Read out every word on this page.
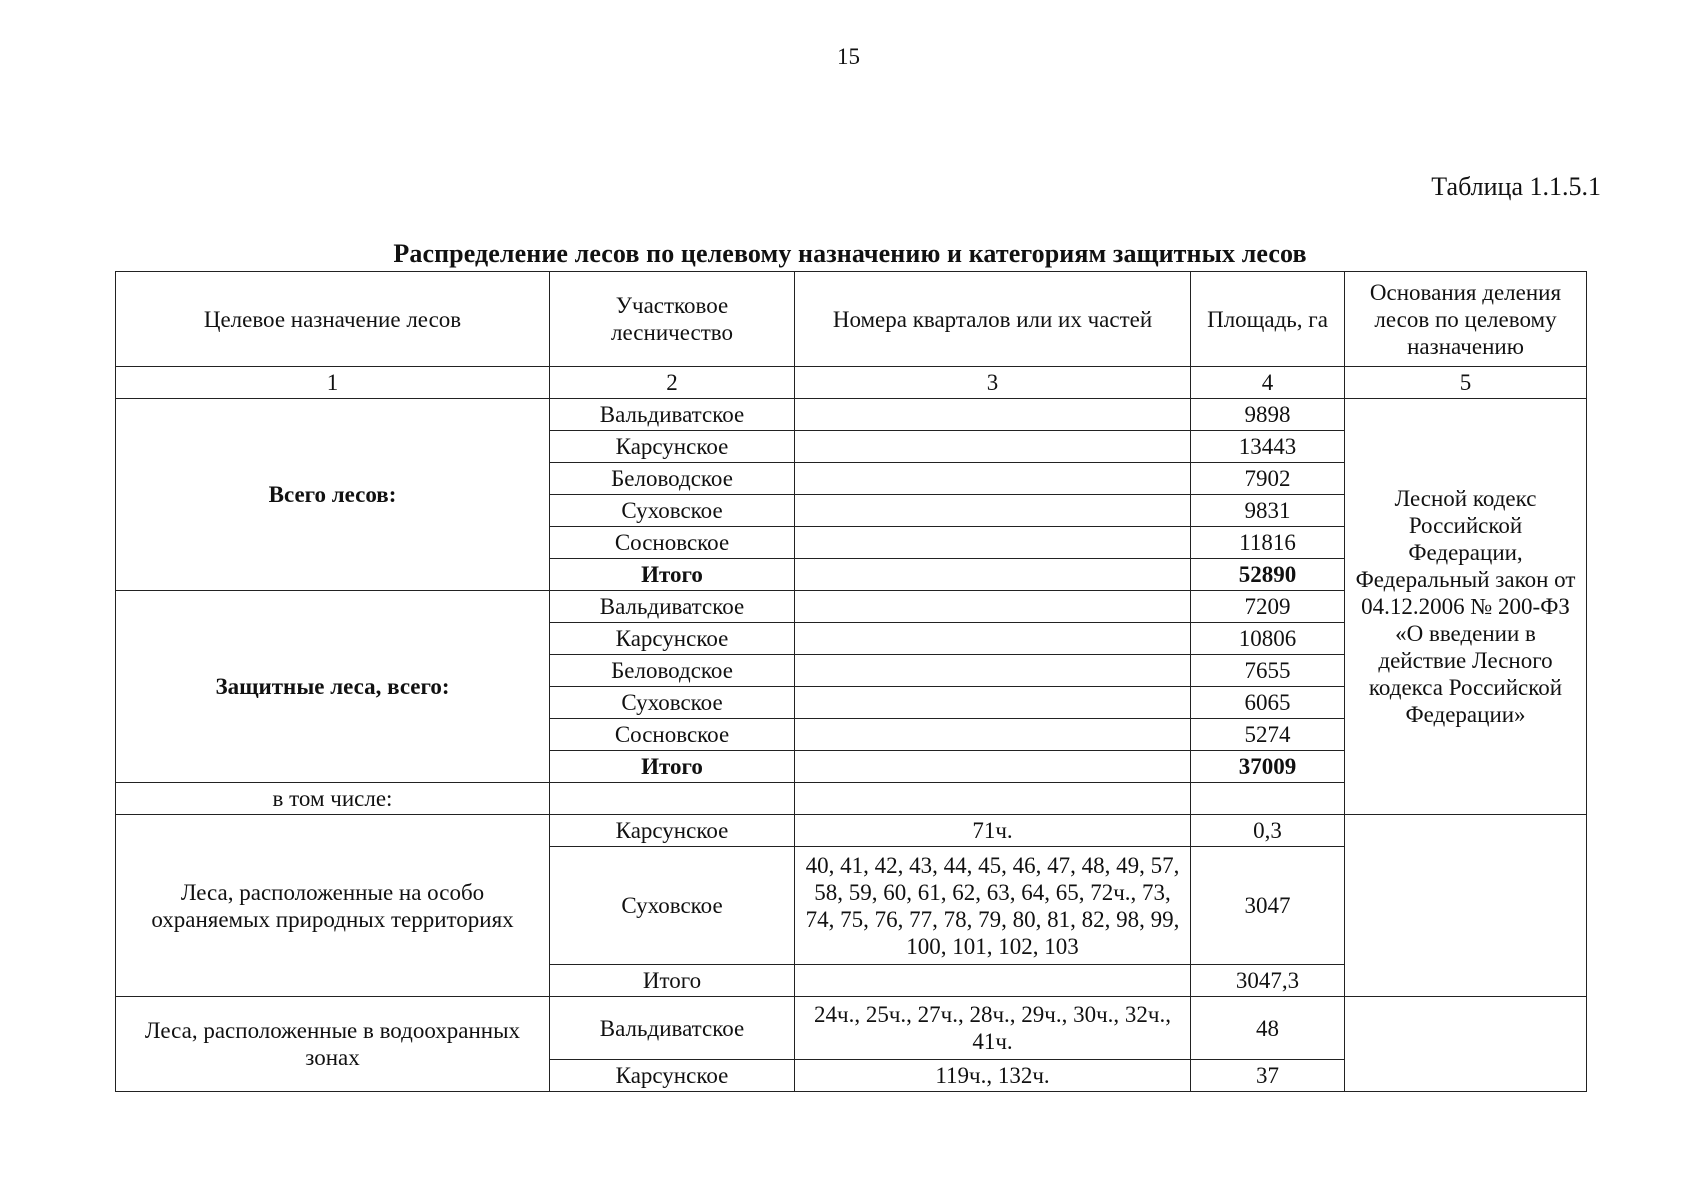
15
Таблица 1.1.5.1
Распределение лесов по целевому назначению и категориям защитных лесов
Целевое назначение лесов	Участковое лесничество	Номера кварталов или их частей	Площадь, га	Основания деления лесов по целевому назначению
1	2	3	4	5
Всего лесов:	Вальдиватское		9898	Лесной кодекс Российской Федерации, Федеральный закон от 04.12.2006 № 200-ФЗ «О введении в действие Лесного кодекса Российской Федерации»
	Карсунское		13443	
	Беловодское		7902	
	Суховское		9831	
	Сосновское		11816	
	Итого		52890	
Защитные леса, всего:	Вальдиватское		7209	
	Карсунское		10806	
	Беловодское		7655	
	Суховское		6065	
	Сосновское		5274	
	Итого		37009	
в том числе:				
Леса, расположенные на особо охраняемых природных территориях	Карсунское	71ч.	0,3	
	Суховское	40, 41, 42, 43, 44, 45, 46, 47, 48, 49, 57, 58, 59, 60, 61, 62, 63, 64, 65, 72ч., 73, 74, 75, 76, 77, 78, 79, 80, 81, 82, 98, 99, 100, 101, 102, 103	3047	
	Итого		3047,3	
Леса, расположенные в водоохранных зонах	Вальдиватское	24ч., 25ч., 27ч., 28ч., 29ч., 30ч., 32ч., 41ч.	48	
	Карсунское	119ч., 132ч.	37	
